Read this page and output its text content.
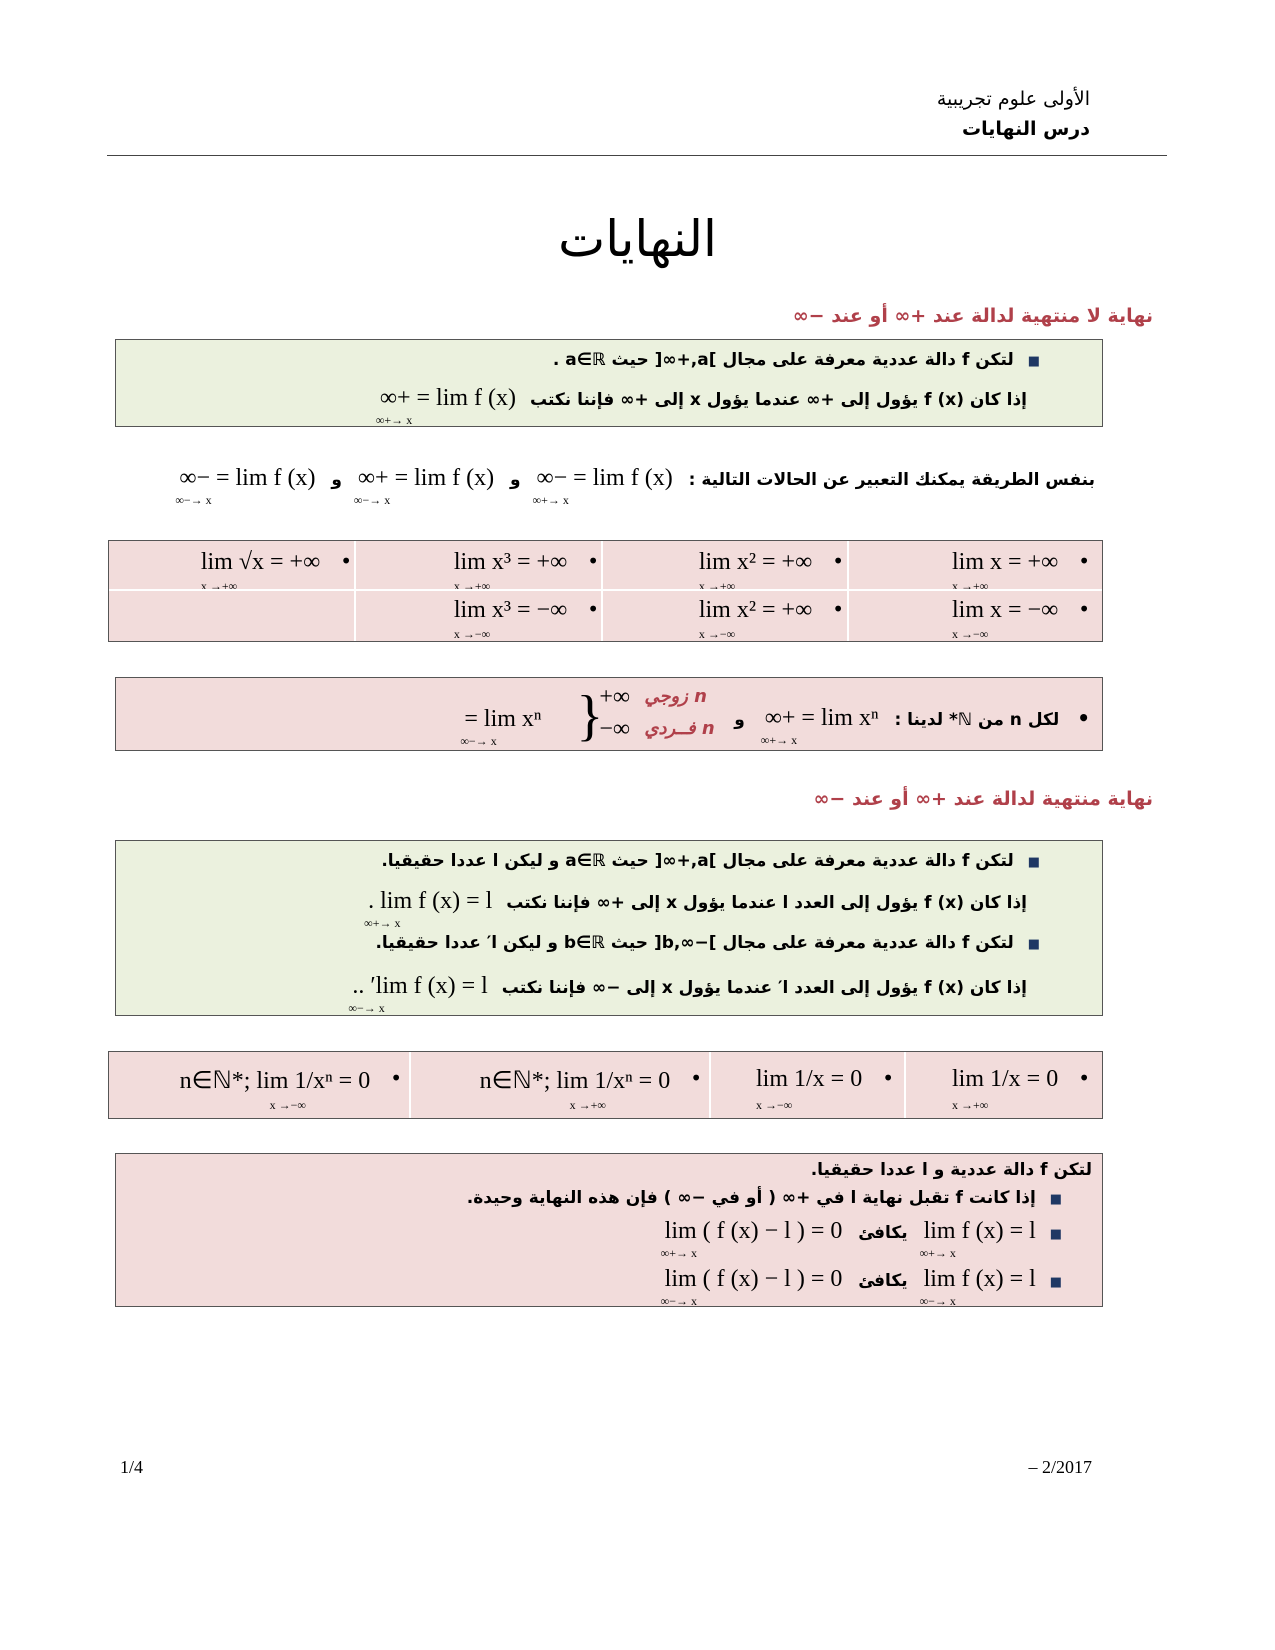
الأولى علوم تجريبية
درس النهايات
النهايات
نهاية لا منتهية لدالة عند +∞ أو عند −∞
■ لتكن f دالة عددية معرفة على مجال ]a,+∞[ حيث a∈ℝ .
إذا كان f (x) يؤول إلى +∞ عندما يؤول x إلى +∞ فإننا نكتب lim f (x) = +∞
x →+∞
بنفس الطريقة يمكنك التعبير عن الحالات التالية : lim f (x) = −∞
x →+∞
و lim f (x) = +∞
x →−∞
و lim f (x) = −∞
x →−∞
•
lim x = +∞
x →+∞
•
lim x² = +∞
x →+∞
•
lim x³ = +∞
x →+∞
•
lim √x = +∞
x →+∞
•
lim x = −∞
x →−∞
•
lim x² = +∞
x →−∞
•
lim x³ = −∞
x →−∞
• لكل n من ℕ* لدينا : lim xⁿ = +∞
x →+∞
و
lim xⁿ =
x →−∞ {
+∞ n زوجي
−∞ n فــردي
نهاية منتهية لدالة عند +∞ أو عند −∞
■ لتكن f دالة عددية معرفة على مجال ]a,+∞[ حيث a∈ℝ و ليكن l عددا حقيقيا.
إذا كان f (x) يؤول إلى العدد l عندما يؤول x إلى +∞ فإننا نكتب lim f (x) = l .
x →+∞
■ لتكن f دالة عددية معرفة على مجال ]−∞,b[ حيث b∈ℝ و ليكن l′ عددا حقيقيا.
إذا كان f (x) يؤول إلى العدد l′ عندما يؤول x إلى −∞ فإننا نكتب lim f (x) = l′ ..
x →−∞
•
lim 1/x = 0
x →+∞
•
lim 1/x = 0
x →−∞
•
n∈ℕ*; lim 1/xⁿ = 0
x →+∞
•
n∈ℕ*; lim 1/xⁿ = 0
x →−∞
لتكن f دالة عددية و l عددا حقيقيا.
■ إذا كانت f تقبل نهاية l في +∞ ( أو في −∞ ) فإن هذه النهاية وحيدة.
■ lim f (x) = l
x →+∞
يكافئ lim ( f (x) − l ) = 0
x →+∞
■ lim f (x) = l
x →−∞
يكافئ lim ( f (x) − l ) = 0
x →−∞
1/4	– 2/2017
